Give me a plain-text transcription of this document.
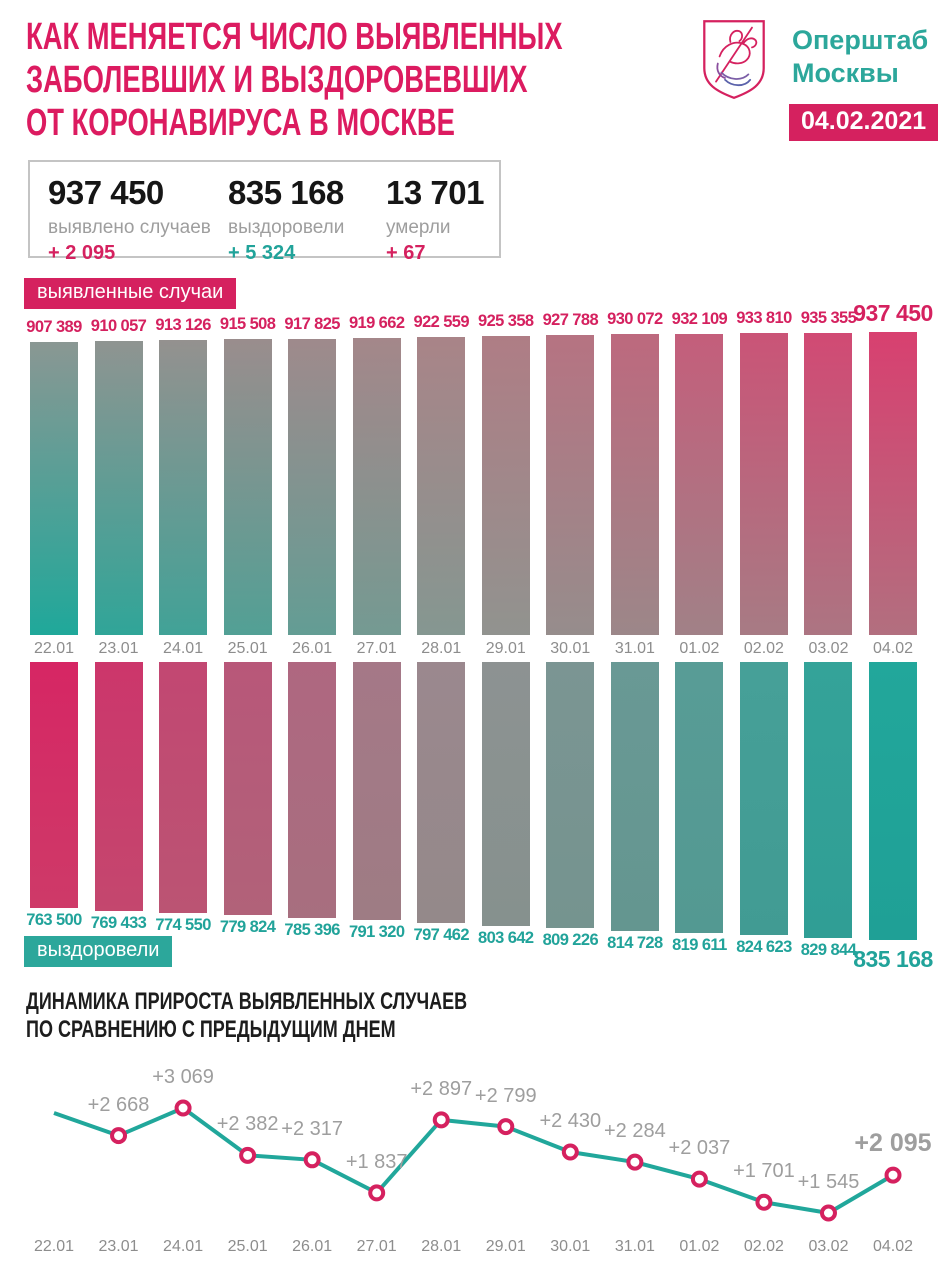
КАК МЕНЯЕТСЯ ЧИСЛО ВЫЯВЛЕННЫХ
ЗАБОЛЕВШИХ И ВЫЗДОРОВЕВШИХ
ОТ КОРОНАВИРУСА В МОСКВЕ
Оперштаб
Москвы
04.02.2021
937 450
выявлено случаев
+ 2 095
835 168
выздоровели
+ 5 324
13 701
умерли
+ 67
выявленные случаи
907 389 910 057 913 126 915 508 917 825 919 662 922 559 925 358 927 788 930 072 932 109 933 810 935 355
937 450
22.01	23.01	24.01	25.01	26.01	27.01	28.01	29.01	30.01	31.01	01.02	02.02	03.02	04.02
763 500 769 433 774 550 779 824 785 396 791 320 797 462 803 642 809 226 814 728 819 611 824 623 829 844
835 168
выздоровели
ДИНАМИКА ПРИРОСТА ВЫЯВЛЕННЫХ СЛУЧАЕВ
ПО СРАВНЕНИЮ С ПРЕДЫДУЩИМ ДНЕМ
+2 668
+3 069
+2 382 +2 317
+1 837
+2 897 +2 799
+2 430 +2 284
+2 037
+1 701 +1 545
+2 095
22.01	23.01	24.01	25.01	26.01	27.01	28.01	29.01	30.01	31.01	01.02	02.02	03.02	04.02
